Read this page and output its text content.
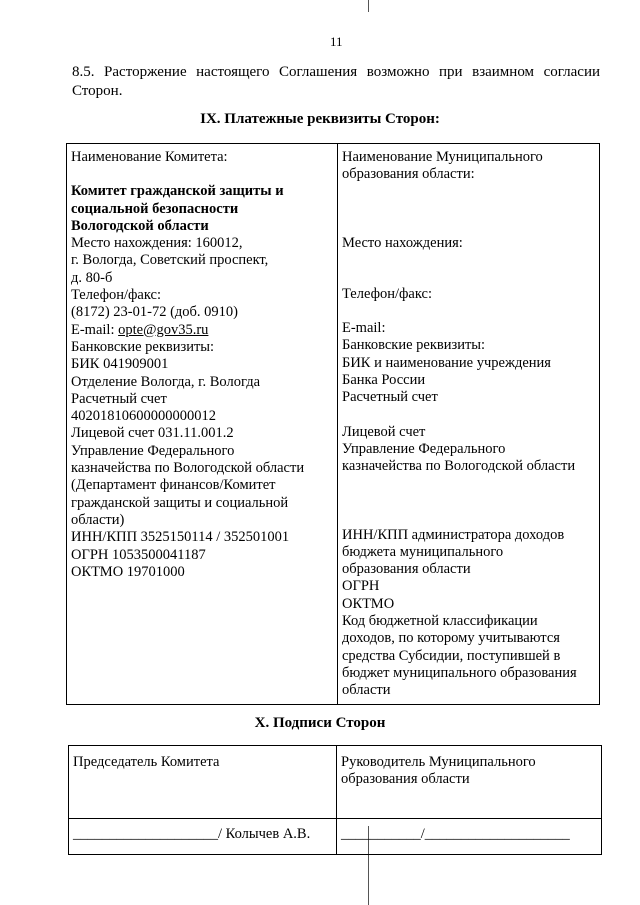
11
8.5. Расторжение настоящего Соглашения возможно при взаимном согласии Сторон.
IX. Платежные реквизиты Сторон:
Наименование Комитета:
Комитет гражданской защиты и
социальной безопасности
Вологодской области
Место нахождения: 160012,
г. Вологда, Советский проспект,
д. 80-б
Телефон/факс:
(8172) 23-01-72 (доб. 0910)
E-mail: opte@gov35.ru
Банковские реквизиты:
БИК 041909001
Отделение Вологда, г. Вологда
Расчетный счет
40201810600000000012
Лицевой счет 031.11.001.2
Управление Федерального
казначейства по Вологодской области
(Департамент финансов/Комитет
гражданской защиты и социальной
области)
ИНН/КПП 3525150114 / 352501001
ОГРН 1053500041187
ОКТМО 19701000

Наименование Муниципального
образования области:
Место нахождения:
Телефон/факс:
E-mail:
Банковские реквизиты:
БИК и наименование учреждения
Банка России
Расчетный счет
Лицевой счет
Управление Федерального
казначейства по Вологодской области
ИНН/КПП администратора доходов
бюджета муниципального
образования области
ОГРН
ОКТМО
Код бюджетной классификации
доходов, по которому учитываются
средства Субсидии, поступившей в
бюджет муниципального образования
области
X. Подписи Сторон
Председатель Комитета	Руководитель Муниципального
образования области

____________________/ Колычев А.В.	___________/____________________
